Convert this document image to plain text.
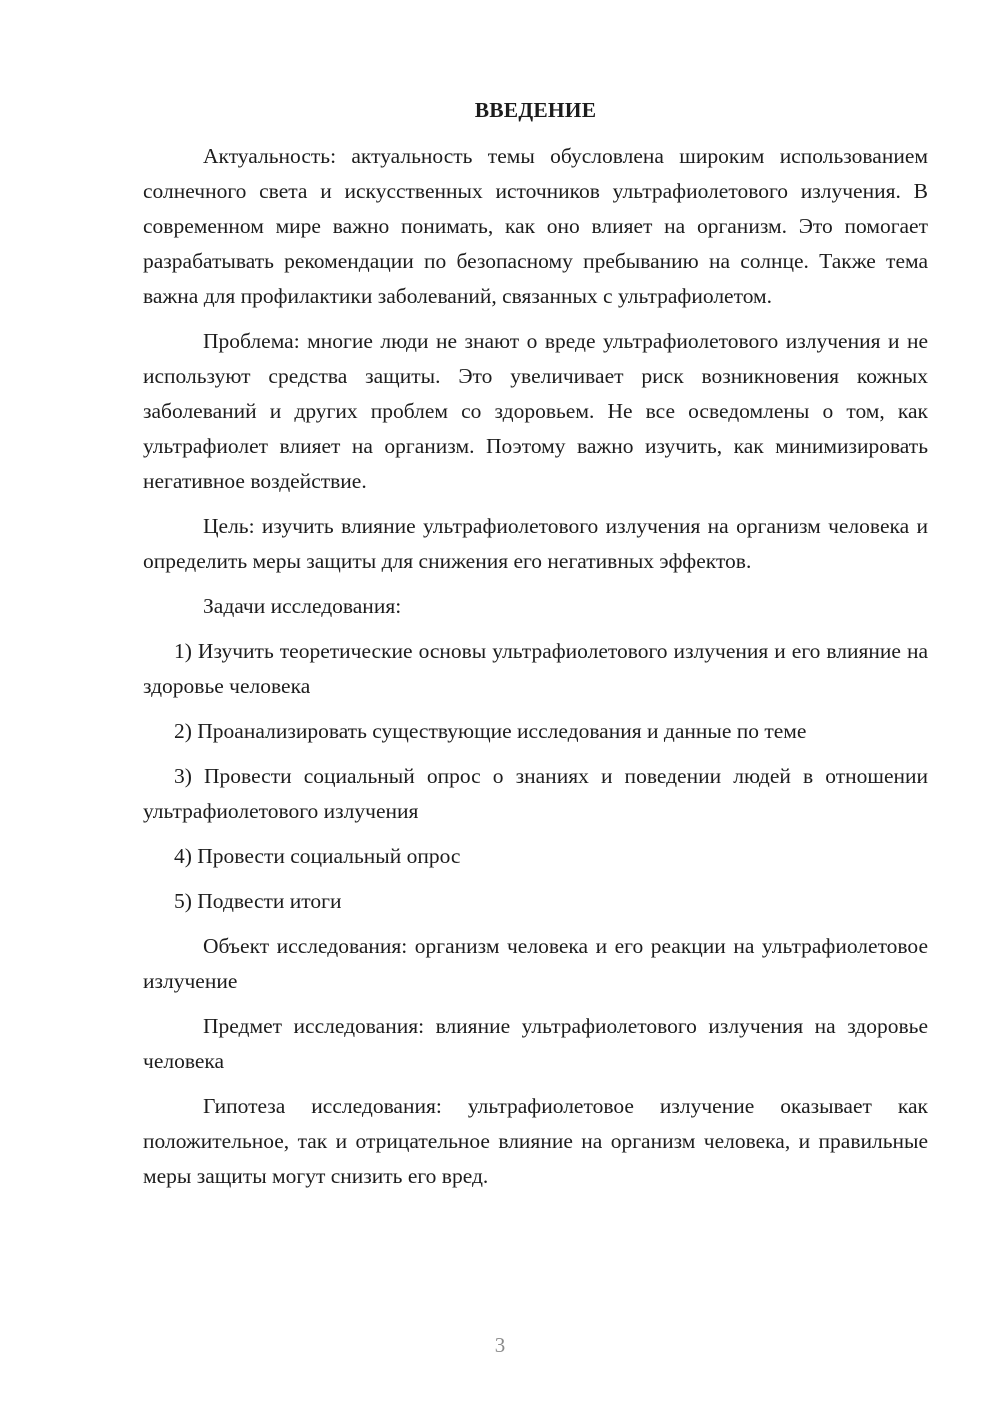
ВВЕДЕНИЕ

Актуальность: актуальность темы обусловлена широким использованием солнечного света и искусственных источников ультрафиолетового излучения. В современном мире важно понимать, как оно влияет на организм. Это помогает разрабатывать рекомендации по безопасному пребыванию на солнце. Также тема важна для профилактики заболеваний, связанных с ультрафиолетом.

Проблема: многие люди не знают о вреде ультрафиолетового излучения и не используют средства защиты. Это увеличивает риск возникновения кожных заболеваний и других проблем со здоровьем. Не все осведомлены о том, как ультрафиолет влияет на организм. Поэтому важно изучить, как минимизировать негативное воздействие.

Цель: изучить влияние ультрафиолетового излучения на организм человека и определить меры защиты для снижения его негативных эффектов.

Задачи исследования:

1) Изучить теоретические основы ультрафиолетового излучения и его влияние на здоровье человека

2) Проанализировать существующие исследования и данные по теме

3) Провести социальный опрос о знаниях и поведении людей в отношении ультрафиолетового излучения

4) Провести социальный опрос

5) Подвести итоги

Объект исследования: организм человека и его реакции на ультрафиолетовое излучение

Предмет исследования: влияние ультрафиолетового излучения на здоровье человека

Гипотеза исследования: ультрафиолетовое излучение оказывает как положительное, так и отрицательное влияние на организм человека, и правильные меры защиты могут снизить его вред.

3
